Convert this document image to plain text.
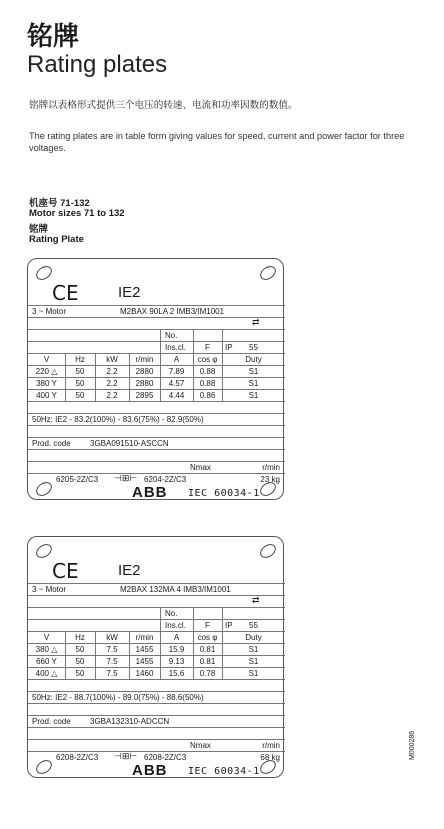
铭牌
Rating plates
铭牌以表格形式提供三个电压的转速、电流和功率因数的数值。
The rating plates are in table form giving values for speed, current and power factor for three voltages.
机座号 71-132
Motor sizes 71 to 132
铭牌
Rating Plate
CE	IE2
3 ~ Motor	M2BAX 90LA 2 IMB3/IM1001
⇄
No.
Ins.cl. F IP 55
V	Hz	kW	r/min	A	cos φ	Duty
220 △	50	2.2	2880	7.89	0.88	S1
380 Y	50	2.2	2880	4.57	0.88	S1
400 Y	50	2.2	2895	4.44	0.86	S1
50Hz: IE2 - 83.2(100%) - 83.6(75%) - 82.9(50%)
Prod. code 3GBA091510-ASCCN
Nmax	r/min
6205-2Z/C3 ⊣⊞⊢ 6204-2Z/C3	23 kg
ABB IEC 60034-1
CE	IE2
3 ~ Motor	M2BAX 132MA 4 IMB3/IM1001
⇄
No.
Ins.cl. F IP 55
V	Hz	kW	r/min	A	cos φ	Duty
380 △	50	7.5	1455	15.9	0.81	S1
660 Y	50	7.5	1455	9.13	0.81	S1
400 △	50	7.5	1460	15.6	0.78	S1
50Hz: IE2 - 88.7(100%) - 89.0(75%) - 88.6(50%)
Prod. code 3GBA132310-ADCCN
Nmax	r/min
6208-2Z/C3 ⊣⊞⊢ 6208-2Z/C3	68 kg
ABB IEC 60034-1
M000286
